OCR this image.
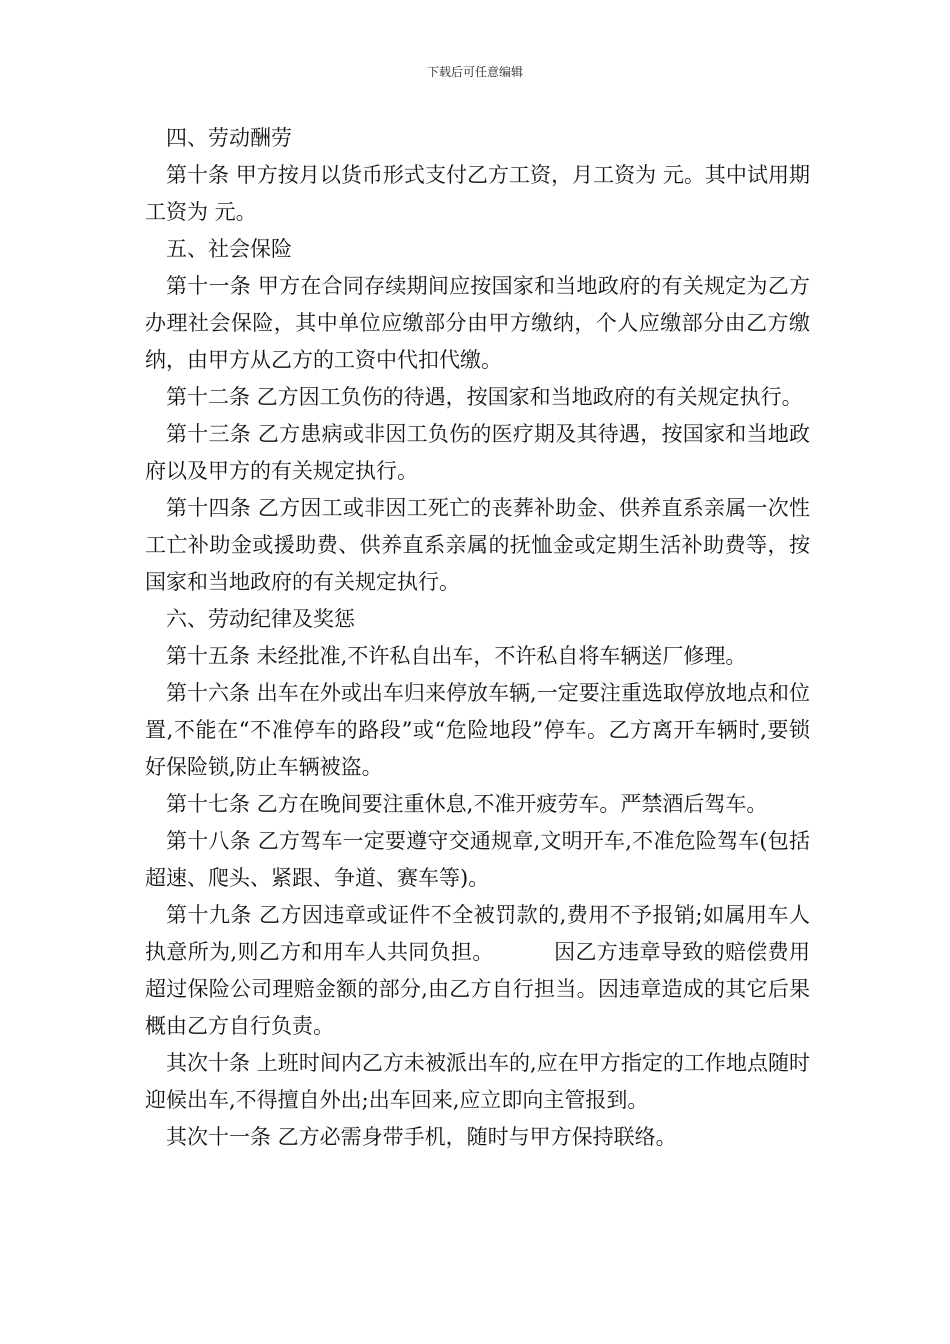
下载后可任意编辑

四、劳动酬劳

第十条 甲方按月以货币形式支付乙方工资，月工资为 元。其中试用期工资为 元。

五、社会保险

第十一条 甲方在合同存续期间应按国家和当地政府的有关规定为乙方办理社会保险，其中单位应缴部分由甲方缴纳，个人应缴部分由乙方缴纳，由甲方从乙方的工资中代扣代缴。

第十二条 乙方因工负伤的待遇，按国家和当地政府的有关规定执行。

第十三条 乙方患病或非因工负伤的医疗期及其待遇，按国家和当地政府以及甲方的有关规定执行。

第十四条 乙方因工或非因工死亡的丧葬补助金、供养直系亲属一次性工亡补助金或援助费、供养直系亲属的抚恤金或定期生活补助费等，按国家和当地政府的有关规定执行。

六、劳动纪律及奖惩

第十五条 未经批准,不许私自出车，不许私自将车辆送厂修理。

第十六条 出车在外或出车归来停放车辆,一定要注重选取停放地点和位置,不能在“不准停车的路段”或“危险地段”停车。乙方离开车辆时,要锁好保险锁,防止车辆被盗。

第十七条 乙方在晚间要注重休息,不准开疲劳车。严禁酒后驾车。

第十八条 乙方驾车一定要遵守交通规章,文明开车,不准危险驾车(包括超速、爬头、紧跟、争道、赛车等)。

第十九条 乙方因违章或证件不全被罚款的,费用不予报销;如属用车人执意所为,则乙方和用车人共同负担。	因乙方违章导致的赔偿费用超过保险公司理赔金额的部分,由乙方自行担当。因违章造成的其它后果概由乙方自行负责。

其次十条 上班时间内乙方未被派出车的,应在甲方指定的工作地点随时迎候出车,不得擅自外出;出车回来,应立即向主管报到。

其次十一条 乙方必需身带手机，随时与甲方保持联络。
